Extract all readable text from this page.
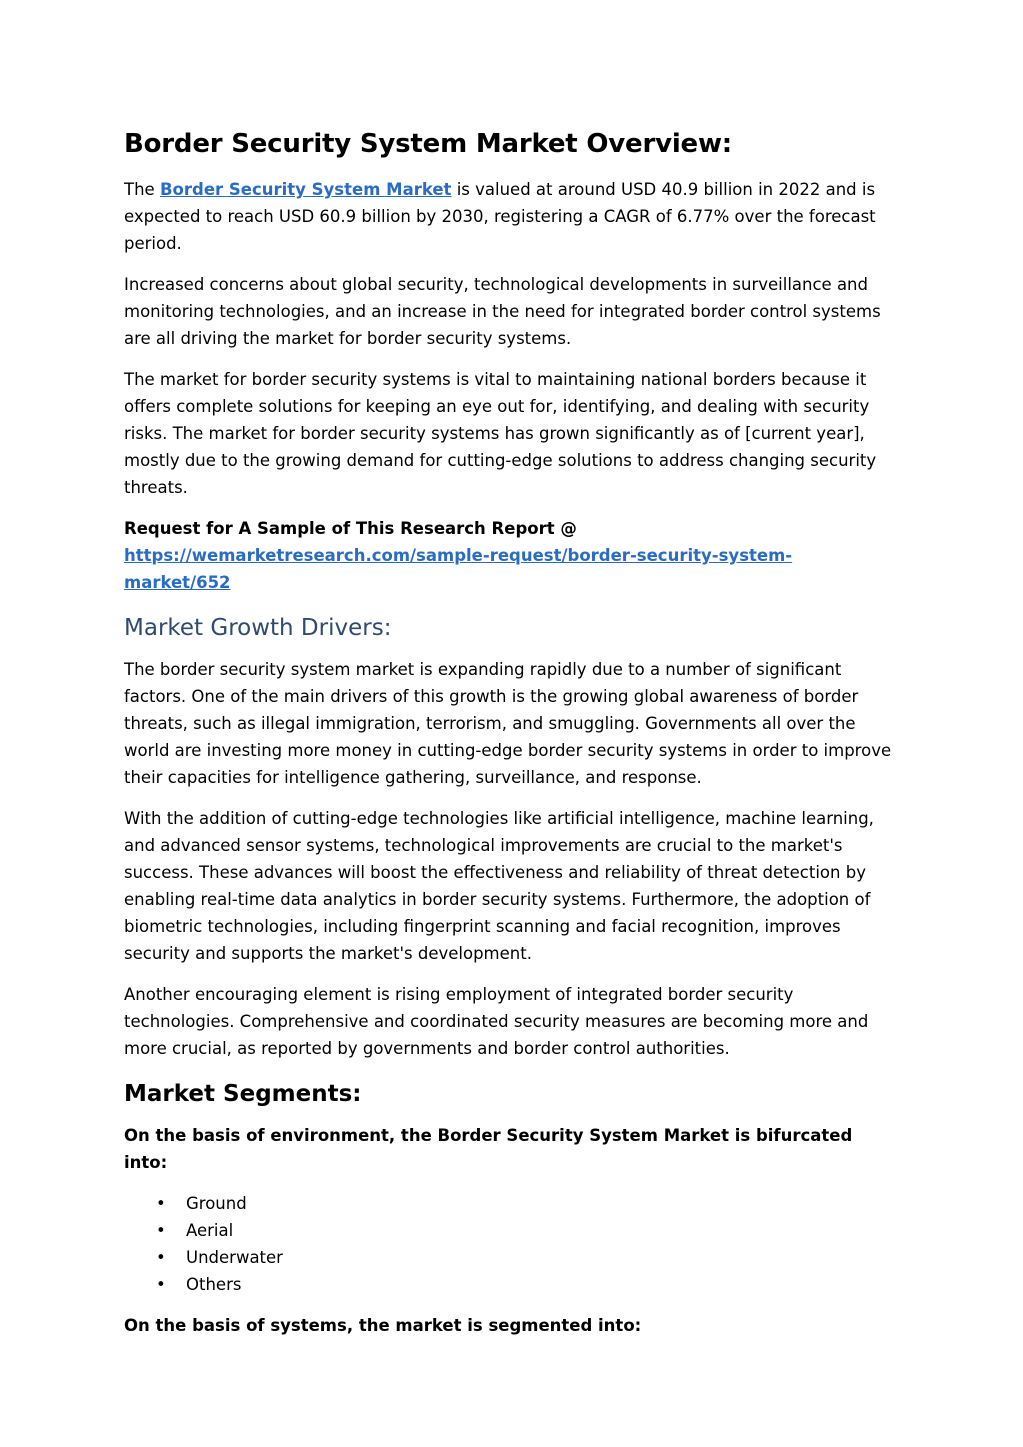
Border Security System Market Overview:

The Border Security System Market is valued at around USD 40.9 billion in 2022 and is expected to reach USD 60.9 billion by 2030, registering a CAGR of 6.77% over the forecast period.

Increased concerns about global security, technological developments in surveillance and monitoring technologies, and an increase in the need for integrated border control systems are all driving the market for border security systems.

The market for border security systems is vital to maintaining national borders because it offers complete solutions for keeping an eye out for, identifying, and dealing with security risks. The market for border security systems has grown significantly as of [current year], mostly due to the growing demand for cutting-edge solutions to address changing security threats.

Request for A Sample of This Research Report @ https://wemarketresearch.com/sample-request/border-security-system-market/652

Market Growth Drivers:

The border security system market is expanding rapidly due to a number of significant factors. One of the main drivers of this growth is the growing global awareness of border threats, such as illegal immigration, terrorism, and smuggling. Governments all over the world are investing more money in cutting-edge border security systems in order to improve their capacities for intelligence gathering, surveillance, and response.

With the addition of cutting-edge technologies like artificial intelligence, machine learning, and advanced sensor systems, technological improvements are crucial to the market's success. These advances will boost the effectiveness and reliability of threat detection by enabling real-time data analytics in border security systems. Furthermore, the adoption of biometric technologies, including fingerprint scanning and facial recognition, improves security and supports the market's development.

Another encouraging element is rising employment of integrated border security technologies. Comprehensive and coordinated security measures are becoming more and more crucial, as reported by governments and border control authorities.

Market Segments:

On the basis of environment, the Border Security System Market is bifurcated into:

• Ground
• Aerial
• Underwater
• Others

On the basis of systems, the market is segmented into:
